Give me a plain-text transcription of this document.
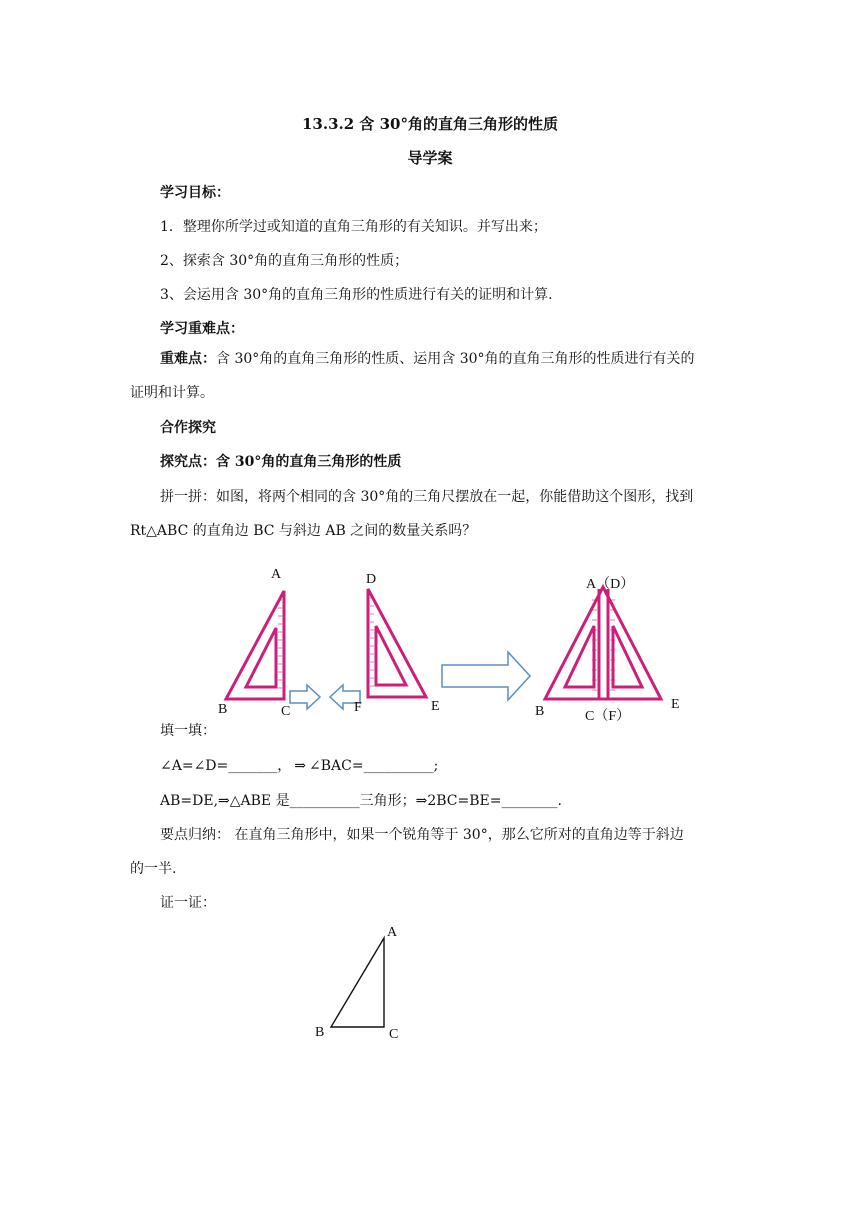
13.3.2 含 30°角的直角三角形的性质
导学案
学习目标：
1．整理你所学过或知道的直角三角形的有关知识。并写出来；
2、探索含 30°角的直角三角形的性质；
3、会运用含 30°角的直角三角形的性质进行有关的证明和计算.
学习重难点：
重难点：含 30°角的直角三角形的性质、运用含 30°角的直角三角形的性质进行有关的
证明和计算。
合作探究
探究点：含 30°角的直角三角形的性质
拼一拼：如图，将两个相同的含 30°角的三角尺摆放在一起，你能借助这个图形，找到
Rt△ABC 的直角边 BC 与斜边 AB 之间的数量关系吗？
A
B	C
D
F	E
A（D）
B	C（F）
E
填一填：
∠A=∠D=_______， ⇒ ∠BAC=__________;
AB=DE,⇒△ABE 是__________三角形；⇒2BC=BE=________.
要点归纳： 在直角三角形中，如果一个锐角等于 30°，那么它所对的直角边等于斜边
的一半.
证一证：
A
B	C
